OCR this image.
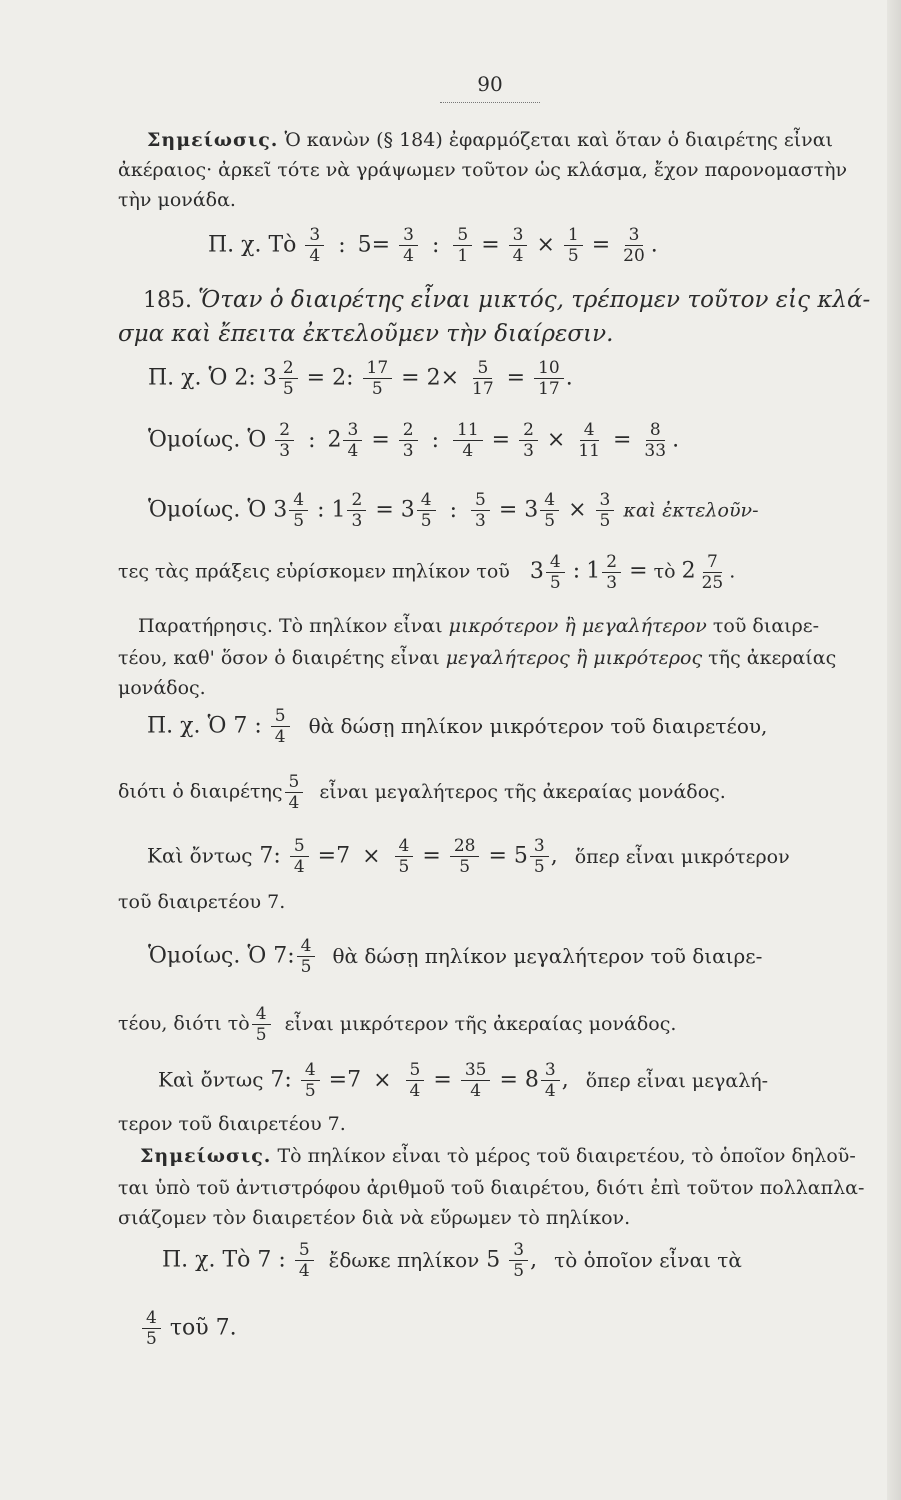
90
Σημείωσις. Ὁ κανὼν (§ 184) ἐφαρμόζεται καὶ ὅταν ὁ διαιρέτης εἶναι
ἀκέραιος· ἀρκεῖ τότε νὰ γράψωμεν τοῦτον ὡς κλάσμα, ἔχον παρονομαστὴν
τὴν μονάδα.
Π. χ. Τὸ $\frac{3}{4}$ : $5= \frac{3}{4}$ : $\frac{5}{1} = \frac{3}{4} \times \frac{1}{5} = \frac{3}{20}$ .
185. Ὅταν ὁ διαιρέτης εἶναι μικτός, τρέπομεν τοῦτον εἰς κλά-
σμα καὶ ἔπειτα ἐκτελοῦμεν τὴν διαίρεσιν.
Π. χ. Ὁ 2: $3 \frac{2}{5} = 2$: $\frac{17}{5} = 2\times \frac{5}{17} = \frac{10}{17}$ .
Ὁμοίως. Ὁ $\frac{2}{3}$ : $2 \frac{3}{4} = \frac{2}{3}$ : $\frac{11}{4} = \frac{2}{3} \times \frac{4}{11} = \frac{8}{33}$ .
Ὁμοίως. Ὁ $3 \frac{4}{5}$ : $1 \frac{2}{3} = 3 \frac{4}{5}$ : $\frac{5}{3} = 3 \frac{4}{5} \times \frac{3}{5}$ καὶ ἐκτελοῦν-
τες τὰς πράξεις εὑρίσκομεν πηλίκον τοῦ $3 \frac{4}{5}$ : $1 \frac{2}{3}$ = τὸ $2 \frac{7}{25}$ .
Παρατήρησις. Τὸ πηλίκον εἶναι μικρότερον ἢ μεγαλήτερον τοῦ διαιρε-
τέου, καθ' ὅσον ὁ διαιρέτης εἶναι μεγαλήτερος ἢ μικρότερος τῆς ἀκεραίας
μονάδος.
Π. χ. Ὁ 7 : $\frac{5}{4}$ θὰ δώσῃ πηλίκον μικρότερον τοῦ διαιρετέου,
διότι ὁ διαιρέτης $\frac{5}{4}$ εἶναι μεγαλήτερος τῆς ἀκεραίας μονάδος.
Καὶ ὄντως 7: $\frac{5}{4} =7 \times \frac{4}{5} = \frac{28}{5} = 5 \frac{3}{5}$ , ὅπερ εἶναι μικρότερον
τοῦ διαιρετέου 7.
Ὁμοίως. Ὁ 7: $\frac{4}{5}$ θὰ δώσῃ πηλίκον μεγαλήτερον τοῦ διαιρε-
τέου, διότι τὸ $\frac{4}{5}$ εἶναι μικρότερον τῆς ἀκεραίας μονάδος.
Καὶ ὄντως 7: $\frac{4}{5} =7 \times \frac{5}{4} = \frac{35}{4} = 8 \frac{3}{4}$ , ὅπερ εἶναι μεγαλή-
τερον τοῦ διαιρετέου 7.
Σημείωσις. Τὸ πηλίκον εἶναι τὸ μέρος τοῦ διαιρετέου, τὸ ὁποῖον δηλοῦ-
ται ὑπὸ τοῦ ἀντιστρόφου ἀριθμοῦ τοῦ διαιρέτου, διότι ἐπὶ τοῦτον πολλαπλα-
σιάζομεν τὸν διαιρετέον διὰ νὰ εὕρωμεν τὸ πηλίκον.
Π. χ. Τὸ 7 : $\frac{5}{4}$ ἔδωκε πηλίκον $5 \frac{3}{5}$ , τὸ ὁποῖον εἶναι τὰ
$\frac{4}{5}$ τοῦ 7.
